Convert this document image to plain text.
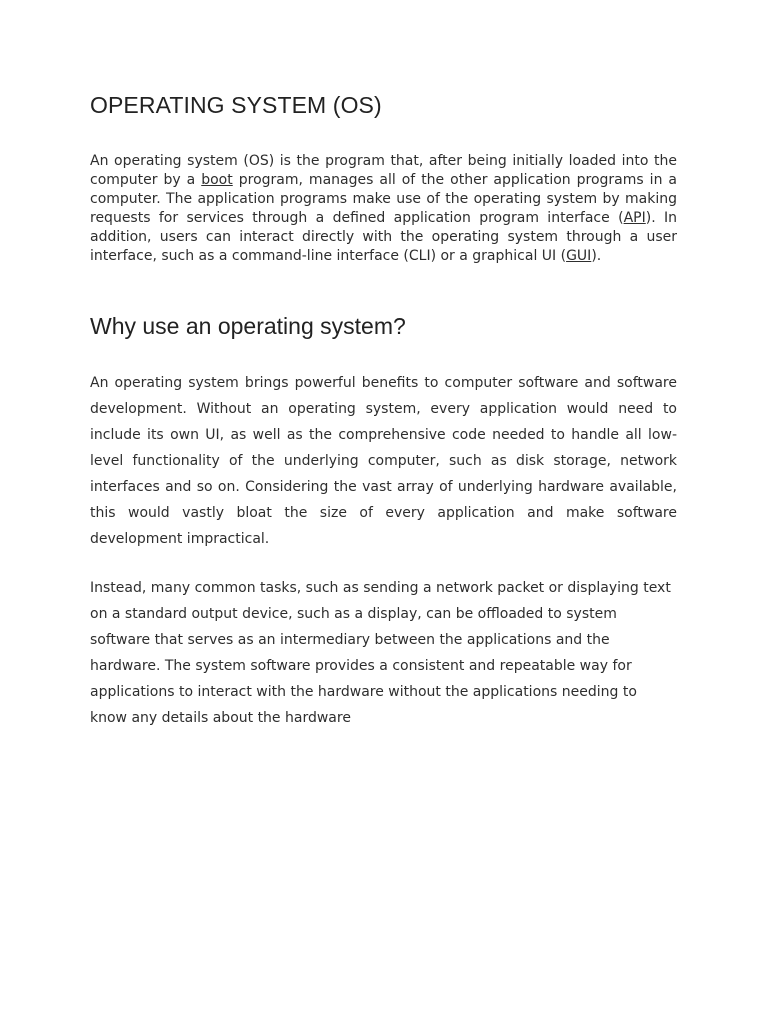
OPERATING SYSTEM (OS)

An operating system (OS) is the program that, after being initially loaded into the computer by a boot program, manages all of the other application programs in a computer. The application programs make use of the operating system by making requests for services through a defined application program interface (API). In addition, users can interact directly with the operating system through a user interface, such as a command-line interface (CLI) or a graphical UI (GUI).

Why use an operating system?

An operating system brings powerful benefits to computer software and software development. Without an operating system, every application would need to include its own UI, as well as the comprehensive code needed to handle all low-level functionality of the underlying computer, such as disk storage, network interfaces and so on. Considering the vast array of underlying hardware available, this would vastly bloat the size of every application and make software development impractical.

Instead, many common tasks, such as sending a network packet or displaying text on a standard output device, such as a display, can be offloaded to system software that serves as an intermediary between the applications and the hardware. The system software provides a consistent and repeatable way for applications to interact with the hardware without the applications needing to know any details about the hardware
